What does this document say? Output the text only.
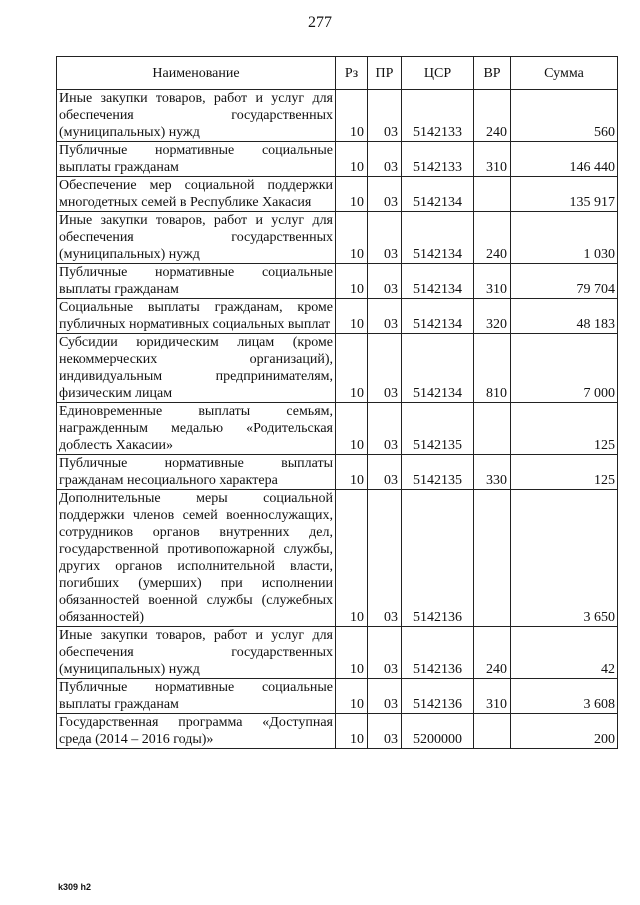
277
Наименование	Рз	ПР	ЦСР	ВР	Сумма
Иные закупки товаров, работ и услуг для обеспечения государственных (муниципальных) нужд	10	03	5142133	240	560
Публичные нормативные социальные выплаты гражданам	10	03	5142133	310	146 440
Обеспечение мер социальной поддержки многодетных семей в Республике Хакасия	10	03	5142134		135 917
Иные закупки товаров, работ и услуг для обеспечения государственных (муниципальных) нужд	10	03	5142134	240	1 030
Публичные нормативные социальные выплаты гражданам	10	03	5142134	310	79 704
Социальные выплаты гражданам, кроме публичных нормативных социальных выплат	10	03	5142134	320	48 183
Субсидии юридическим лицам (кроме некоммерческих организаций), индивидуальным предпринимателям, физическим лицам	10	03	5142134	810	7 000
Единовременные выплаты семьям, награжденным медалью «Родительская доблесть Хакасии»	10	03	5142135		125
Публичные нормативные выплаты гражданам несоциального характера	10	03	5142135	330	125
Дополнительные меры социальной поддержки членов семей военнослужащих, сотрудников органов внутренних дел, государственной противопожарной службы, других органов исполнительной власти, погибших (умерших) при исполнении обязанностей военной службы (служебных обязанностей)	10	03	5142136		3 650
Иные закупки товаров, работ и услуг для обеспечения государственных (муниципальных) нужд	10	03	5142136	240	42
Публичные нормативные социальные выплаты гражданам	10	03	5142136	310	3 608
Государственная программа «Доступная среда (2014 – 2016 годы)»	10	03	5200000		200
k309 h2
